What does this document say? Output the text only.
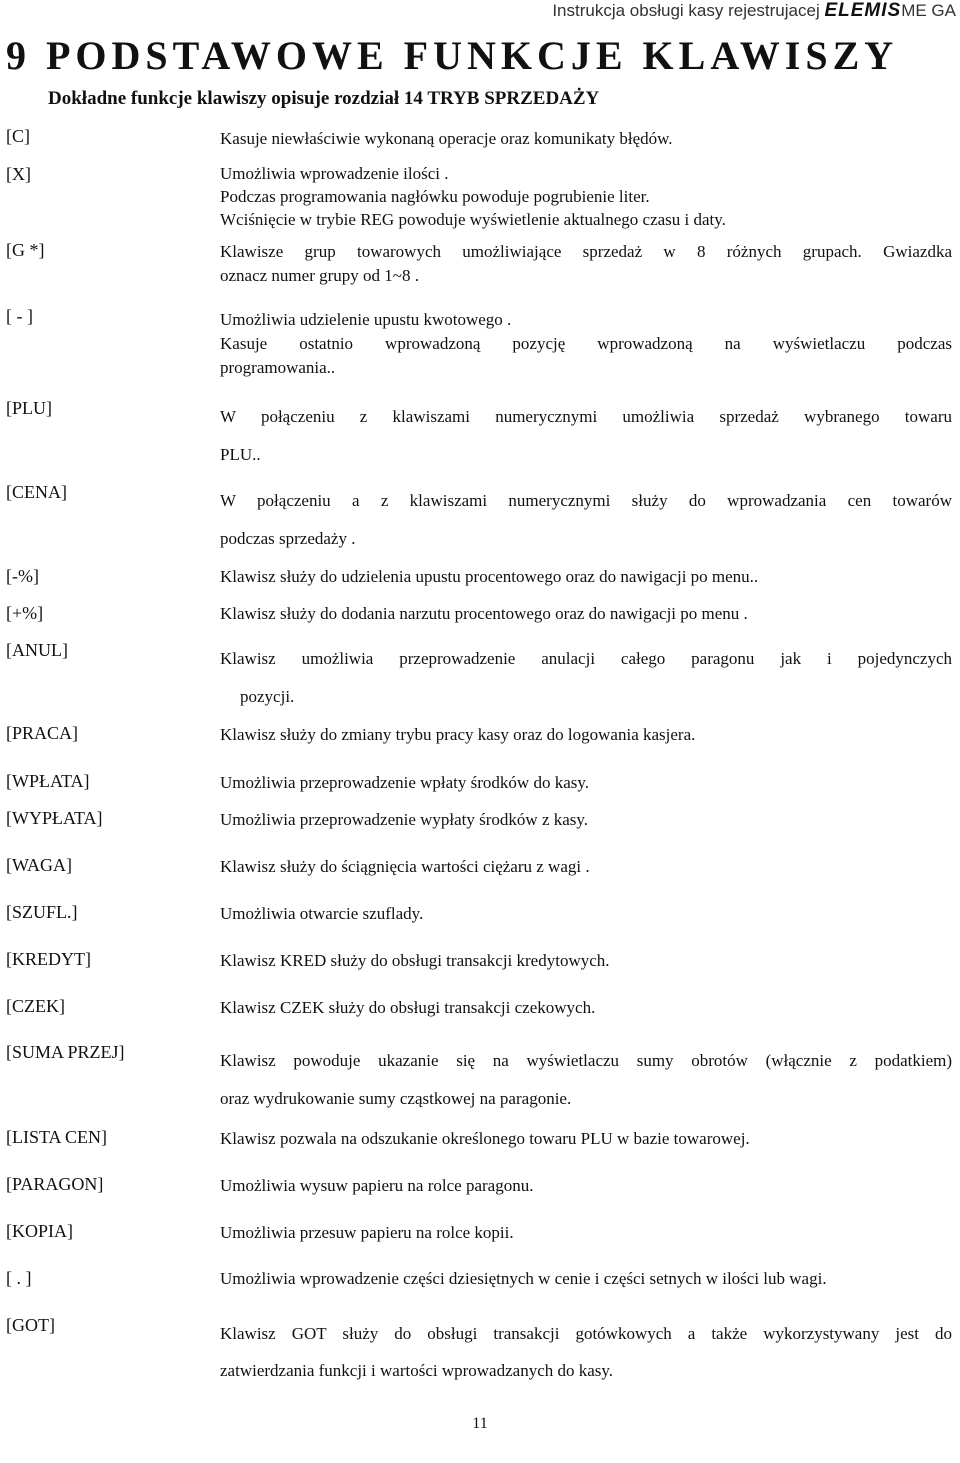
Instrukcja obsługi kasy rejestrujacej ELEMISME GA
9 PODSTAWOWE FUNKCJE KLAWISZY
Dokładne funkcje klawiszy opisuje rozdział 14 TRYB SPRZEDAŻY
[C]	Kasuje niewłaściwie wykonaną operacje oraz komunikaty błędów.
[X]	Umożliwia wprowadzenie ilości .
Podczas programowania nagłówku powoduje pogrubienie liter.
Wciśnięcie w trybie REG powoduje wyświetlenie aktualnego czasu i daty.
[G *]	Klawisze grup towarowych umożliwiające sprzedaż w 8 różnych grupach. Gwiazdka
oznacz numer grupy od 1~8 .
[ - ]	Umożliwia udzielenie upustu kwotowego .
Kasuje ostatnio wprowadzoną pozycję wprowadzoną na wyświetlaczu podczas
programowania..
[PLU]	W połączeniu z klawiszami numerycznymi umożliwia sprzedaż wybranego towaru
PLU..
[CENA]	W połączeniu a z klawiszami numerycznymi służy do wprowadzania cen towarów
podczas sprzedaży .
[-%]	Klawisz służy do udzielenia upustu procentowego oraz do nawigacji po menu..
[+%]	Klawisz służy do dodania narzutu procentowego oraz do nawigacji po menu .
[ANUL]	Klawisz umożliwia przeprowadzenie anulacji całego paragonu jak i pojedynczych
pozycji.
[PRACA]	Klawisz służy do zmiany trybu pracy kasy oraz do logowania kasjera.
[WPŁATA]	Umożliwia przeprowadzenie wpłaty środków do kasy.
[WYPŁATA]	Umożliwia przeprowadzenie wypłaty środków z kasy.
[WAGA]	Klawisz służy do ściągnięcia wartości ciężaru z wagi .
[SZUFL.]	Umożliwia otwarcie szuflady.
[KREDYT]	Klawisz KRED służy do obsługi transakcji kredytowych.
[CZEK]	Klawisz CZEK służy do obsługi transakcji czekowych.
[SUMA PRZEJ]	Klawisz powoduje ukazanie się na wyświetlaczu sumy obrotów (włącznie z podatkiem)
oraz wydrukowanie sumy cząstkowej na paragonie.
[LISTA CEN]	Klawisz pozwala na odszukanie określonego towaru PLU w bazie towarowej.
[PARAGON]	Umożliwia wysuw papieru na rolce paragonu.
[KOPIA]	Umożliwia przesuw papieru na rolce kopii.
[ . ]	Umożliwia wprowadzenie części dziesiętnych w cenie i części setnych w ilości lub wagi.
[GOT]	Klawisz GOT służy do obsługi transakcji gotówkowych a także wykorzystywany jest do
zatwierdzania funkcji i wartości wprowadzanych do kasy.
11
